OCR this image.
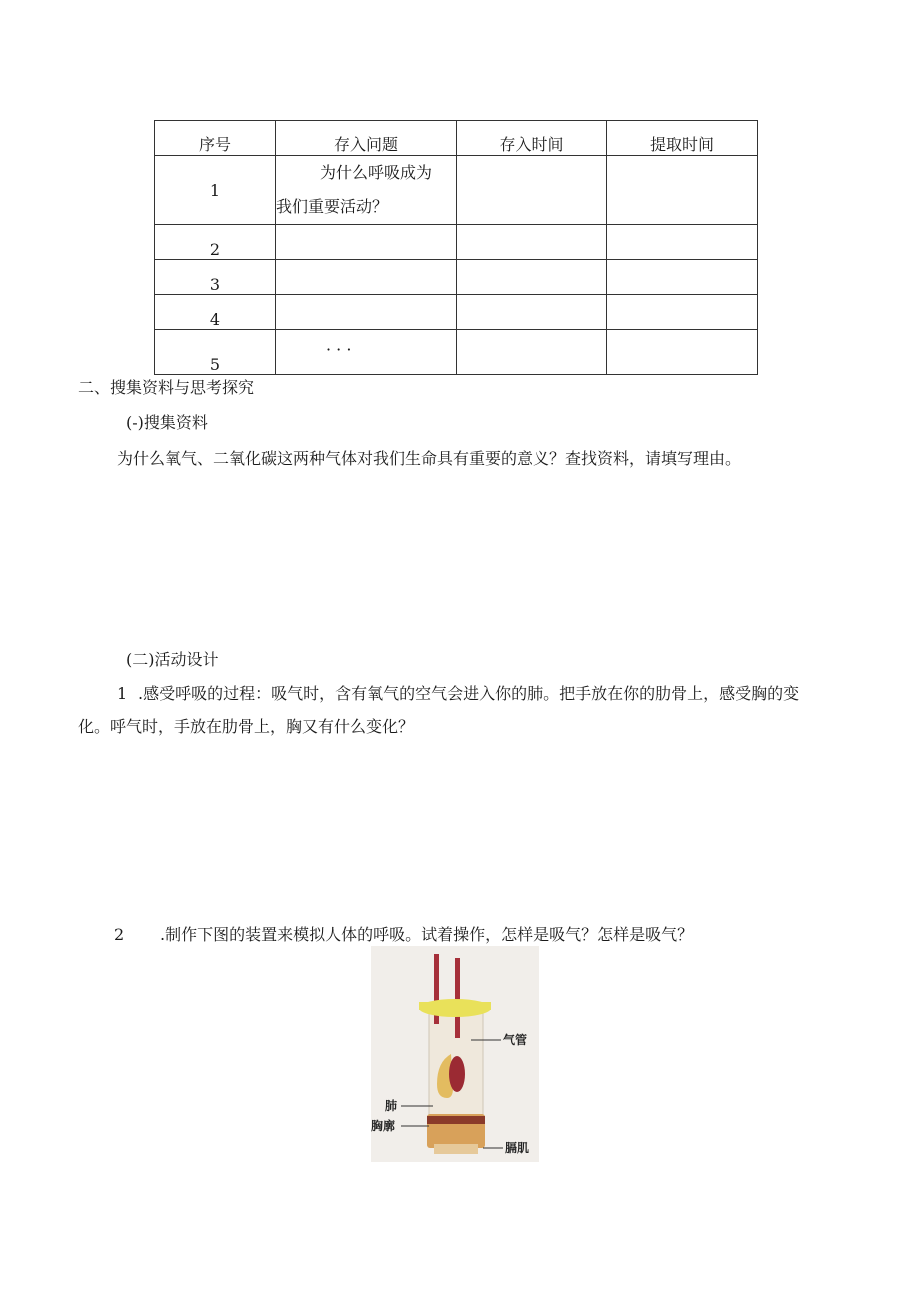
序号	存入问题	存入时间	提取时间
1	为什么呼吸成为
我们重要活动？		

2			
3			
4			
5	· · ·		
二、搜集资料与思考探究
(-)搜集资料
为什么氧气、二氧化碳这两种气体对我们生命具有重要的意义？查找资料，请填写理由。
(二)活动设计
1 .感受呼吸的过程：吸气时，含有氧气的空气会进入你的肺。把手放在你的肋骨上，感受胸的变
化。呼气时，手放在肋骨上，胸又有什么变化？
2 .制作下图的装置来模拟人体的呼吸。试着操作，怎样是吸气？怎样是吸气？
气管
肺
胸廓
膈肌
